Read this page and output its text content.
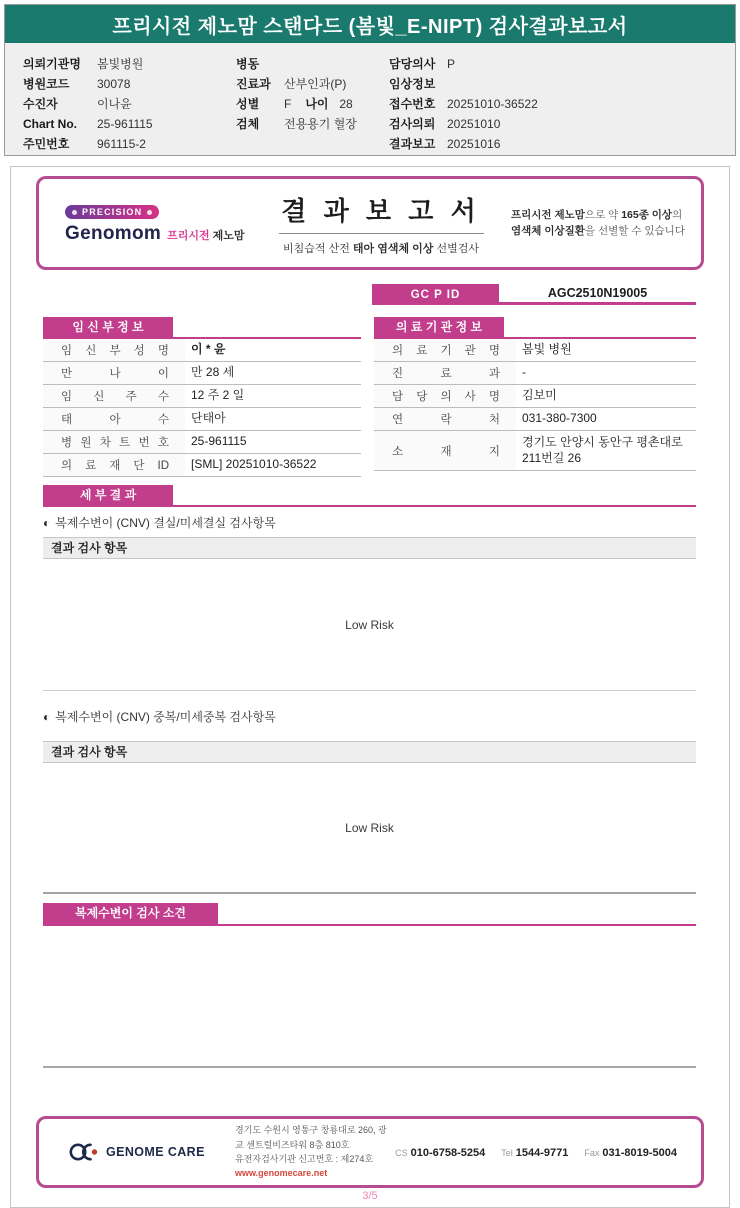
프리시전 제노맘 스탠다드 (봄빛_E-NIPT) 검사결과보고서
의뢰기관명 봄빛병원
병원코드 30078
수진자	이나윤
Chart No. 25-961115
주민번호 961115-2
병동
진료과 산부인과(P)
성별 F 나이 28
검체 전용용기 혈장
담당의사 P
임상정보
접수번호 20251010-36522
검사의뢰 20251010
결과보고 20251016
PRECISION
Genomom 프리시전 제노맘
결 과 보 고 서
비침습적 산전 태아 염색체 이상 선별검사
프리시전 제노맘으로 약 165종 이상의
염색체 이상질환을 선별할 수 있습니다
GC P ID	AGC2510N19005
임 신 부 정 보
임 신 부 성 명	이 * 윤
만 나 이	만 28 세
임 신 주 수	12 주 2 일
태 아 수	단태아
병 원 차 트 번 호	25-961115
의 료 재 단 ID	[SML] 20251010-36522
의 료 기 관 정 보
의 료 기 관 명	봄빛 병원
진 료 과	-
담 당 의 사 명	김보미
연 락 처	031-380-7300
소 재 지
경기도 안양시 동안구 평촌대로 211번길 26
세 부 결 과
◐ 복제수변이 (CNV) 결실/미세결실 검사항목
결과 검사 항목
Low Risk
◐ 복제수변이 (CNV) 중복/미세중복 검사항목
결과 검사 항목
Low Risk
복제수변이 검사 소견
GENOME CARE
경기도 수원시 영통구 창룡대로 260, 광교 센트럴비즈타워 8층 810호
유전자검사기관 신고번호 : 제274호
www.genomecare.net
CS 010-6758-5254 Tel 1544-9771 Fax 031-8019-5004
3/5
